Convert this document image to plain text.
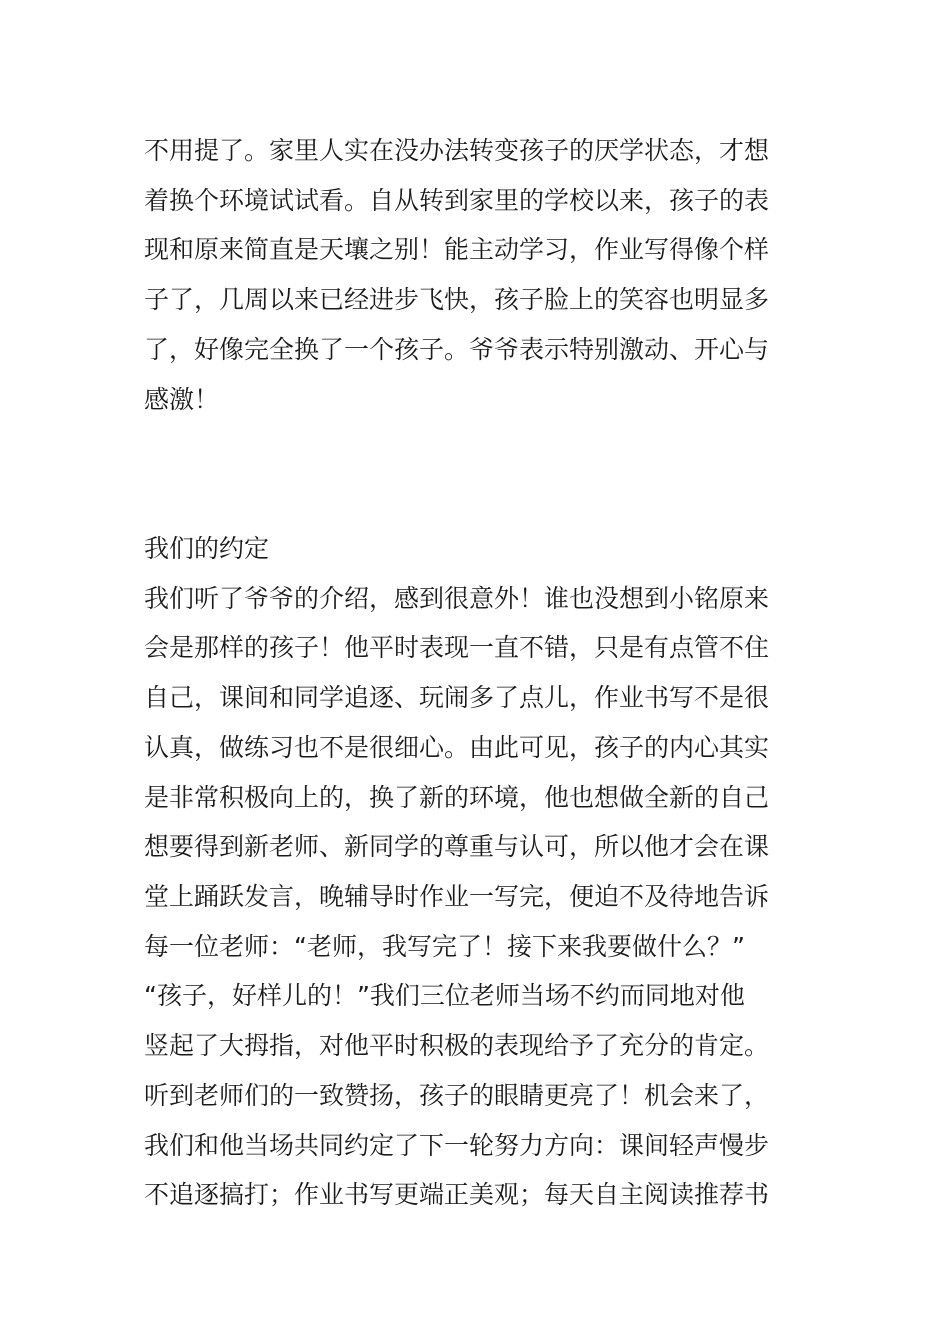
不用提了。家里人实在没办法转变孩子的厌学状态，才想

着换个环境试试看。自从转到家里的学校以来，孩子的表

现和原来简直是天壤之别！能主动学习，作业写得像个样

子了，几周以来已经进步飞快，孩子脸上的笑容也明显多

了，好像完全换了一个孩子。爷爷表示特别激动、开心与

感激！

我们的约定

我们听了爷爷的介绍，感到很意外！谁也没想到小铭原来

会是那样的孩子！他平时表现一直不错，只是有点管不住

自己，课间和同学追逐、玩闹多了点儿，作业书写不是很

认真，做练习也不是很细心。由此可见，孩子的内心其实

是非常积极向上的，换了新的环境，他也想做全新的自己

想要得到新老师、新同学的尊重与认可，所以他才会在课

堂上踊跃发言，晚辅导时作业一写完，便迫不及待地告诉

每一位老师：“老师，我写完了！接下来我要做什么？”

“孩子，好样儿的！”我们三位老师当场不约而同地对他

竖起了大拇指，对他平时积极的表现给予了充分的肯定。

听到老师们的一致赞扬，孩子的眼睛更亮了！机会来了，

我们和他当场共同约定了下一轮努力方向：课间轻声慢步

不追逐搞打；作业书写更端正美观；每天自主阅读推荐书
